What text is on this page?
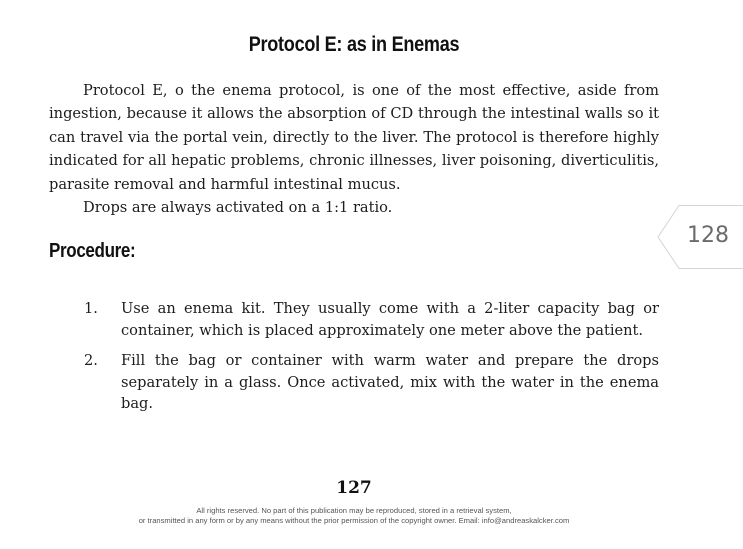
Protocol E: as in Enemas

Protocol E, o the enema protocol, is one of the most effective, aside from ingestion, because it allows the absorption of CD through the intestinal walls so it can travel via the portal vein, directly to the liver. The protocol is therefore highly indicated for all hepatic problems, chronic illnesses, liver poisoning, diverticulitis, parasite removal and harmful intestinal mucus.

Drops are always activated on a 1:1 ratio.

Procedure:
1. Use an enema kit. They usually come with a 2-liter capacity bag or container, which is placed approximately one meter above the patient.
2. Fill the bag or container with warm water and prepare the drops separately in a glass. Once activated, mix with the water in the enema bag.
127
All rights reserved. No part of this publication may be reproduced, stored in a retrieval system,
or transmitted in any form or by any means without the prior permission of the copyright owner. Email: info@andreaskalcker.com
128
